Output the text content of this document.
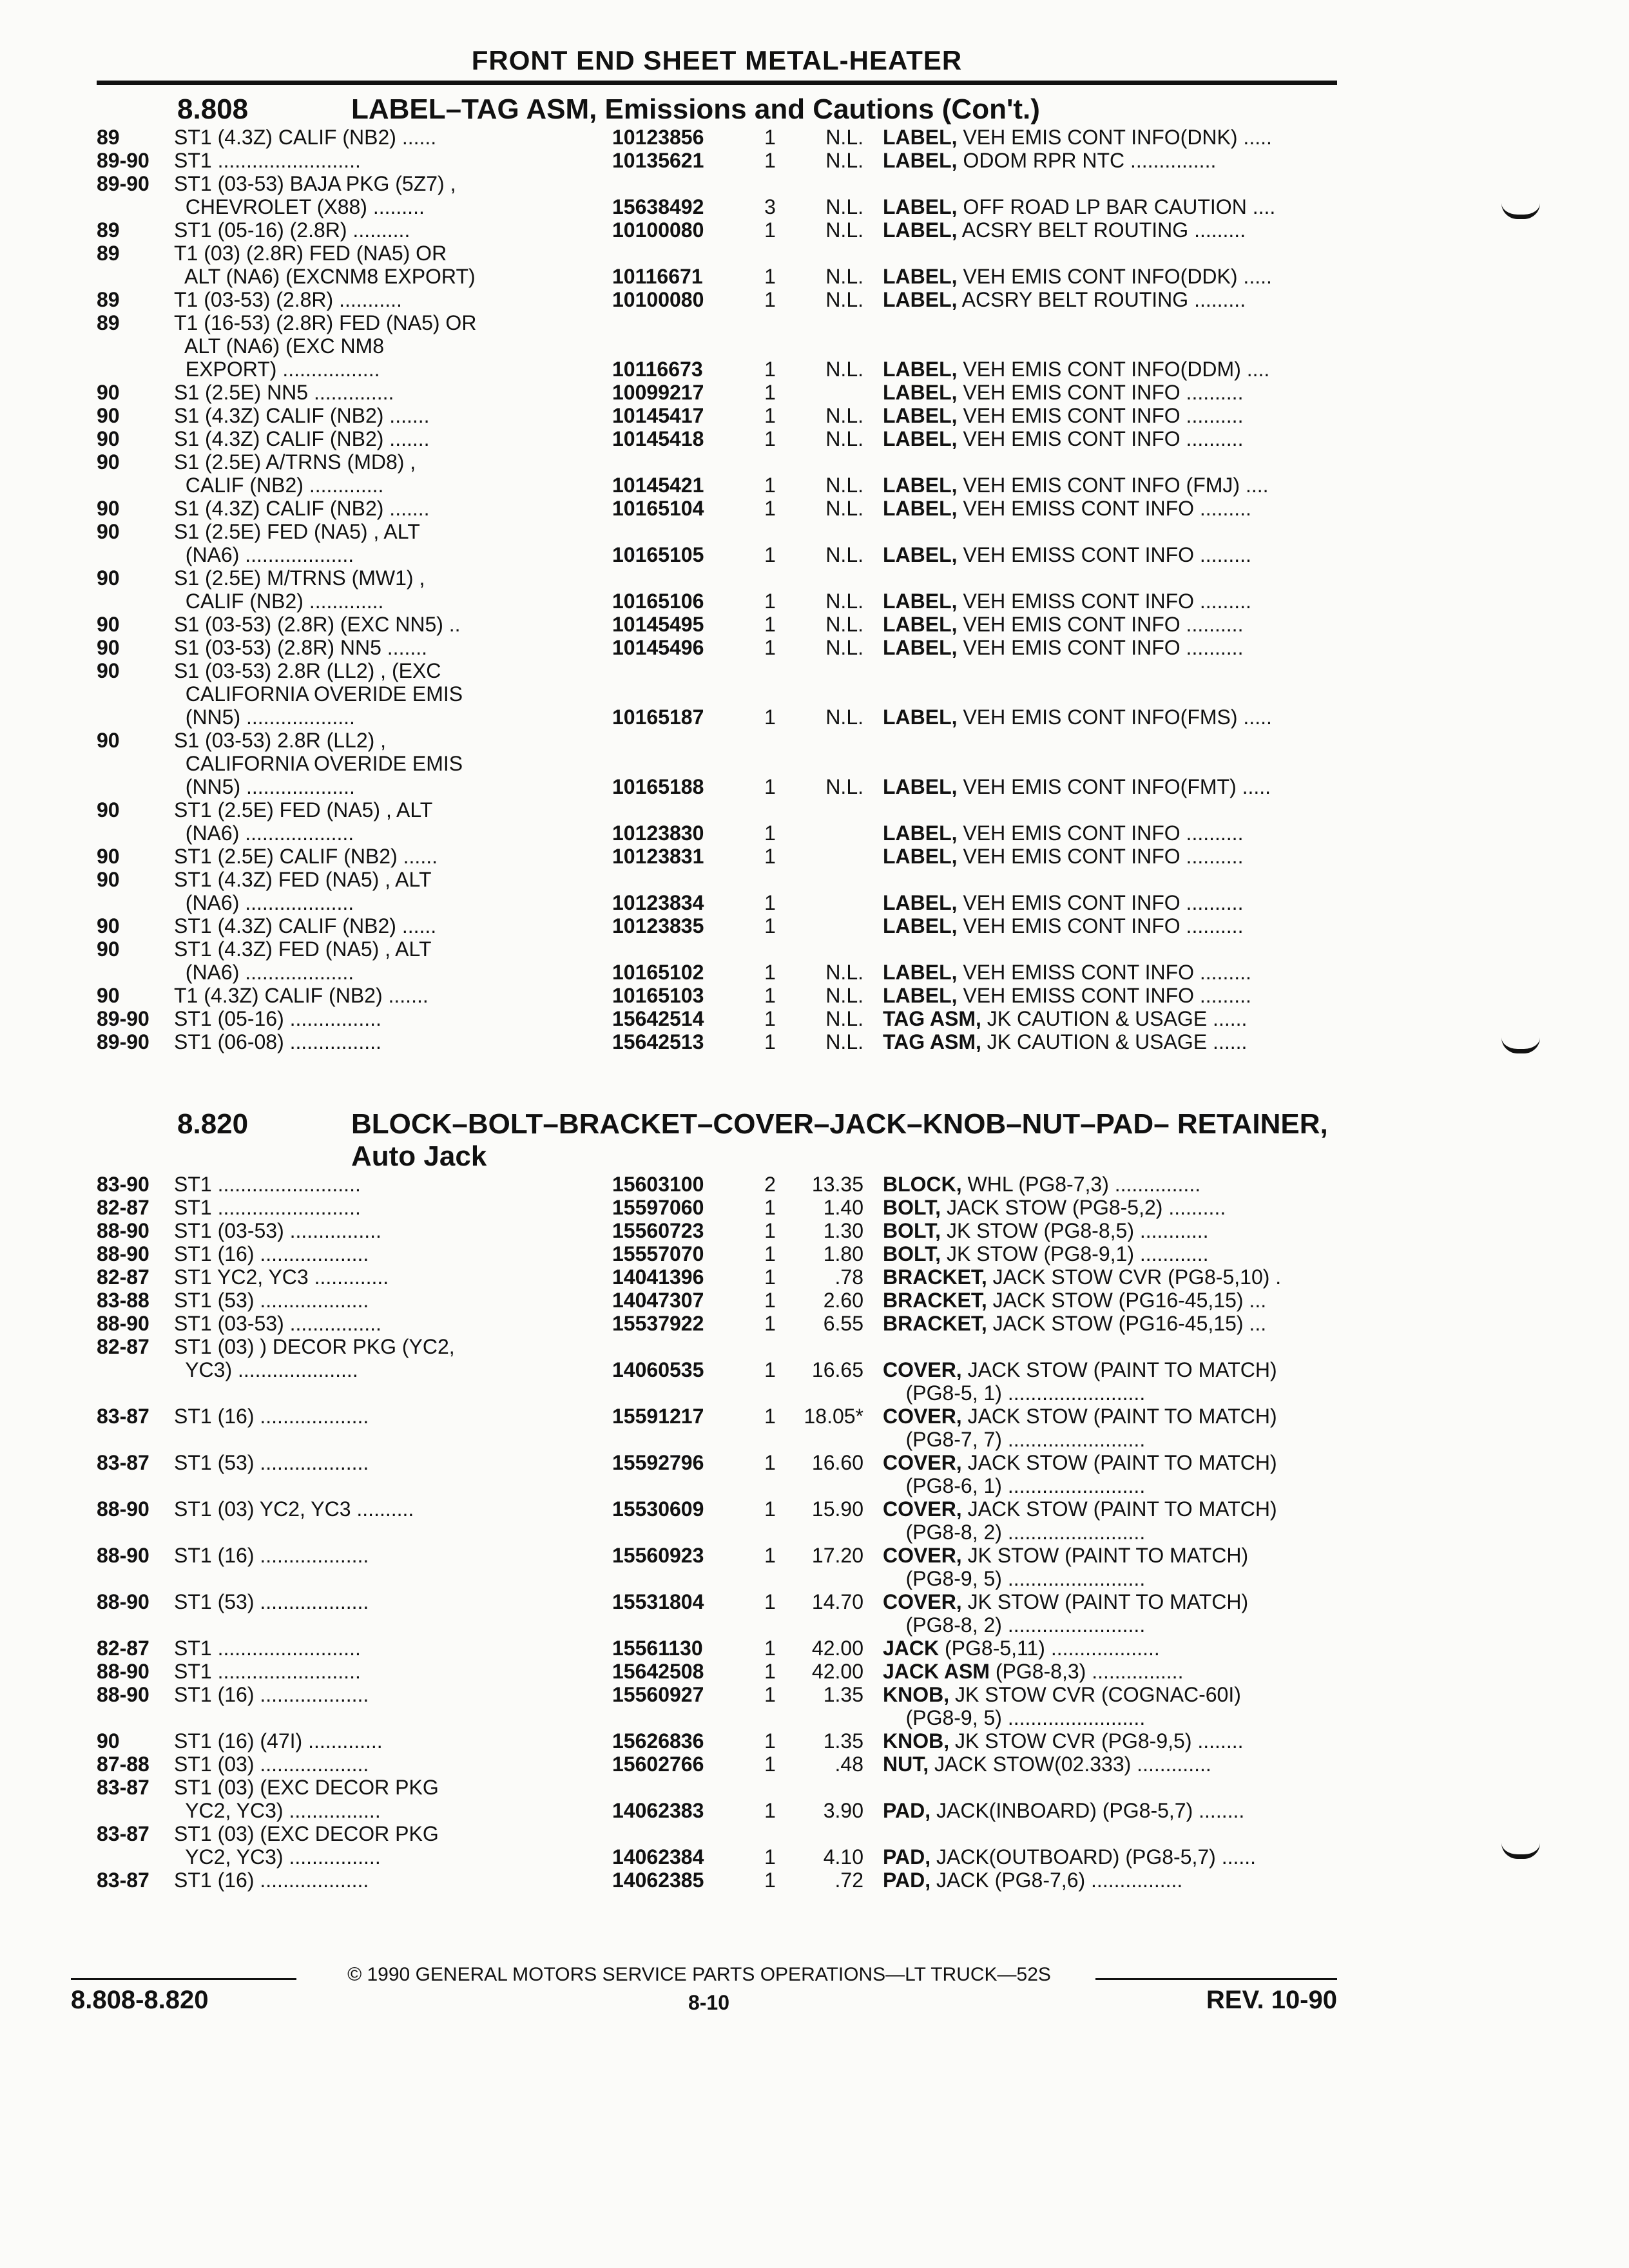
FRONT END SHEET METAL-HEATER
8.808	LABEL–TAG ASM, Emissions and Cautions (Con't.)
89	ST1 (4.3Z) CALIF (NB2) ......	10123856	1	N.L. LABEL, VEH EMIS CONT INFO(DNK) .....
89-90	ST1 .........................	10135621	1	N.L. LABEL, ODOM RPR NTC ...............
89-90	ST1 (03-53) BAJA PKG (5Z7) ,
CHEVROLET (X88) .........	15638492	3	N.L. LABEL, OFF ROAD LP BAR CAUTION ....
89	ST1 (05-16) (2.8R) ..........	10100080	1	N.L. LABEL, ACSRY BELT ROUTING .........
89	T1 (03) (2.8R) FED (NA5) OR
ALT (NA6) (EXCNM8 EXPORT)	10116671	1	N.L. LABEL, VEH EMIS CONT INFO(DDK) .....
89	T1 (03-53) (2.8R) ...........	10100080	1	N.L. LABEL, ACSRY BELT ROUTING .........
89	T1 (16-53) (2.8R) FED (NA5) OR
ALT (NA6) (EXC NM8
EXPORT) .................	10116673	1	N.L. LABEL, VEH EMIS CONT INFO(DDM) ....
90	S1 (2.5E) NN5 ..............	10099217	1	LABEL, VEH EMIS CONT INFO ..........
90	S1 (4.3Z) CALIF (NB2) .......	10145417	1	N.L. LABEL, VEH EMIS CONT INFO ..........
90	S1 (4.3Z) CALIF (NB2) .......	10145418	1	N.L. LABEL, VEH EMIS CONT INFO ..........
90	S1 (2.5E) A/TRNS (MD8) ,
CALIF (NB2) .............	10145421	1	N.L. LABEL, VEH EMIS CONT INFO (FMJ) ....
90	S1 (4.3Z) CALIF (NB2) .......	10165104	1	N.L. LABEL, VEH EMISS CONT INFO .........
90	S1 (2.5E) FED (NA5) , ALT
(NA6) ...................	10165105	1	N.L. LABEL, VEH EMISS CONT INFO .........
90	S1 (2.5E) M/TRNS (MW1) ,
CALIF (NB2) .............	10165106	1	N.L. LABEL, VEH EMISS CONT INFO .........
90	S1 (03-53) (2.8R) (EXC NN5) ..	10145495	1	N.L. LABEL, VEH EMIS CONT INFO ..........
90	S1 (03-53) (2.8R) NN5 .......	10145496	1	N.L. LABEL, VEH EMIS CONT INFO ..........
90	S1 (03-53) 2.8R (LL2) , (EXC
CALIFORNIA OVERIDE EMIS
(NN5) ...................	10165187	1	N.L. LABEL, VEH EMIS CONT INFO(FMS) .....
90	S1 (03-53) 2.8R (LL2) ,
CALIFORNIA OVERIDE EMIS
(NN5) ...................	10165188	1	N.L. LABEL, VEH EMIS CONT INFO(FMT) .....
90	ST1 (2.5E) FED (NA5) , ALT
(NA6) ...................	10123830	1	LABEL, VEH EMIS CONT INFO ..........
90	ST1 (2.5E) CALIF (NB2) ......	10123831	1	LABEL, VEH EMIS CONT INFO ..........
90	ST1 (4.3Z) FED (NA5) , ALT
(NA6) ...................	10123834	1	LABEL, VEH EMIS CONT INFO ..........
90	ST1 (4.3Z) CALIF (NB2) ......	10123835	1	LABEL, VEH EMIS CONT INFO ..........
90	ST1 (4.3Z) FED (NA5) , ALT
(NA6) ...................	10165102	1	N.L. LABEL, VEH EMISS CONT INFO .........
90	T1 (4.3Z) CALIF (NB2) .......	10165103	1	N.L. LABEL, VEH EMISS CONT INFO .........
89-90	ST1 (05-16) ................	15642514	1	N.L. TAG ASM, JK CAUTION & USAGE ......
89-90	ST1 (06-08) ................	15642513	1	N.L. TAG ASM, JK CAUTION & USAGE ......
8.820	BLOCK–BOLT–BRACKET–COVER–JACK–KNOB–NUT–PAD– RETAINER,
Auto Jack
83-90	ST1 .........................	15603100	2	13.35 BLOCK, WHL (PG8-7,3) ...............
82-87	ST1 .........................	15597060	1	1.40 BOLT, JACK STOW (PG8-5,2) ..........
88-90	ST1 (03-53) ................	15560723	1	1.30 BOLT, JK STOW (PG8-8,5) ............
88-90	ST1 (16) ...................	15557070	1	1.80 BOLT, JK STOW (PG8-9,1) ............
82-87	ST1 YC2, YC3 .............	14041396	1	.78 BRACKET, JACK STOW CVR (PG8-5,10) .
83-88	ST1 (53) ...................	14047307	1	2.60 BRACKET, JACK STOW (PG16-45,15) ...
88-90	ST1 (03-53) ................	15537922	1	6.55 BRACKET, JACK STOW (PG16-45,15) ...
82-87	ST1 (03) ) DECOR PKG (YC2,
YC3) .....................	14060535	1	16.65 COVER, JACK STOW (PAINT TO MATCH)
(PG8-5, 1) ........................
83-87	ST1 (16) ...................	15591217	1	18.05* COVER, JACK STOW (PAINT TO MATCH)
(PG8-7, 7) ........................
83-87	ST1 (53) ...................	15592796	1	16.60 COVER, JACK STOW (PAINT TO MATCH)
(PG8-6, 1) ........................
88-90	ST1 (03) YC2, YC3 ..........	15530609	1	15.90 COVER, JACK STOW (PAINT TO MATCH)
(PG8-8, 2) ........................
88-90	ST1 (16) ...................	15560923	1	17.20 COVER, JK STOW (PAINT TO MATCH)
(PG8-9, 5) ........................
88-90	ST1 (53) ...................	15531804	1	14.70 COVER, JK STOW (PAINT TO MATCH)
(PG8-8, 2) ........................
82-87	ST1 .........................	15561130	1	42.00 JACK (PG8-5,11) ...................
88-90	ST1 .........................	15642508	1	42.00 JACK ASM (PG8-8,3) ................
88-90	ST1 (16) ...................	15560927	1	1.35 KNOB, JK STOW CVR (COGNAC-60I)
(PG8-9, 5) ........................
90	ST1 (16) (47I) .............	15626836	1	1.35 KNOB, JK STOW CVR (PG8-9,5) ........
87-88	ST1 (03) ...................	15602766	1	.48 NUT, JACK STOW(02.333) .............
83-87	ST1 (03) (EXC DECOR PKG
YC2, YC3) ................	14062383	1	3.90 PAD, JACK(INBOARD) (PG8-5,7) ........
83-87	ST1 (03) (EXC DECOR PKG
YC2, YC3) ................	14062384	1	4.10 PAD, JACK(OUTBOARD) (PG8-5,7) ......
83-87	ST1 (16) ...................	14062385	1	.72 PAD, JACK (PG8-7,6) ................
© 1990 GENERAL MOTORS SERVICE PARTS OPERATIONS—LT TRUCK—52S
8.808-8.820	8-10	REV. 10-90
